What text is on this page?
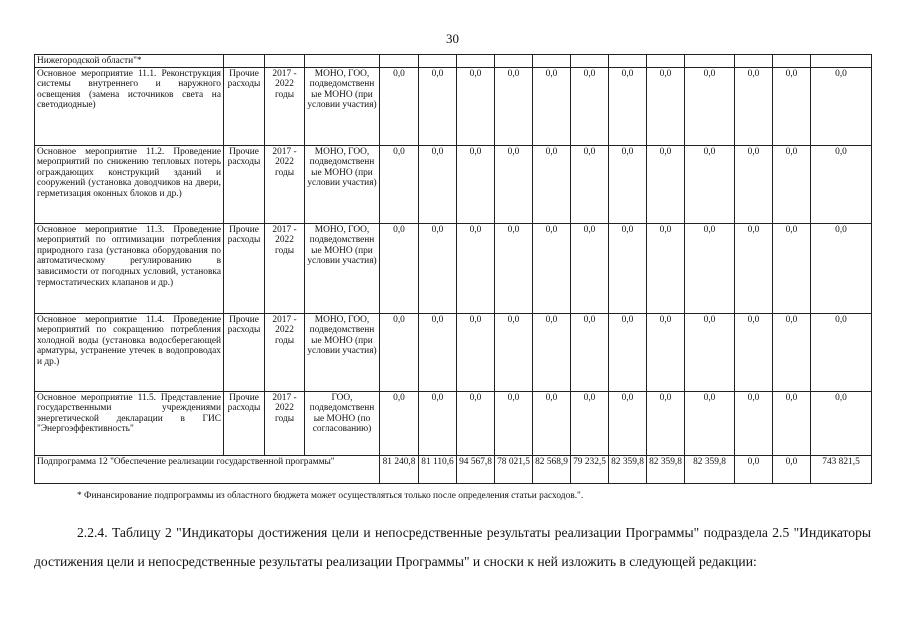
30
Нижегородской области"*															
Основное мероприятие 11.1. Реконструкция системы внутреннего и наружного освещения (замена источников света на светодиодные)	Прочие расходы	2017 - 2022 годы	МОНО, ГОО, подведомственные МОНО (при условии участия)	0,0	0,0	0,0	0,0	0,0	0,0	0,0	0,0	0,0	0,0	0,0	0,0
Основное мероприятие 11.2. Проведение мероприятий по снижению тепловых потерь ограждающих конструкций зданий и сооружений (установка доводчиков на двери, герметизация оконных блоков и др.)	Прочие расходы	2017 - 2022 годы	МОНО, ГОО, подведомственные МОНО (при условии участия)	0,0	0,0	0,0	0,0	0,0	0,0	0,0	0,0	0,0	0,0	0,0	0,0
Основное мероприятие 11.3. Проведение мероприятий по оптимизации потребления природного газа (установка оборудования по автоматическому регулированию в зависимости от погодных условий, установка термостатических клапанов и др.)	Прочие расходы	2017 - 2022 годы	МОНО, ГОО, подведомственные МОНО (при условии участия)	0,0	0,0	0,0	0,0	0,0	0,0	0,0	0,0	0,0	0,0	0,0	0,0
Основное мероприятие 11.4. Проведение мероприятий по сокращению потребления холодной воды (установка водосберегающей арматуры, устранение утечек в водопроводах и др.)	Прочие расходы	2017 - 2022 годы	МОНО, ГОО, подведомственные МОНО (при условии участия)	0,0	0,0	0,0	0,0	0,0	0,0	0,0	0,0	0,0	0,0	0,0	0,0
Основное мероприятие 11.5. Представление государственными учреждениями энергетической декларации в ГИС "Энергоэффективность"	Прочие расходы	2017 - 2022 годы	ГОО, подведомственные МОНО (по согласованию)	0,0	0,0	0,0	0,0	0,0	0,0	0,0	0,0	0,0	0,0	0,0	0,0
Подпрограмма 12 "Обеспечение реализации государственной программы"				81 240,8	81 110,6	94 567,8	78 021,5	82 568,9	79 232,5	82 359,8	82 359,8	82 359,8	0,0	0,0	743 821,5
* Финансирование подпрограммы из областного бюджета может осуществляться только после определения статьи расходов.".
2.2.4. Таблицу 2 "Индикаторы достижения цели и непосредственные результаты реализации Программы" подраздела 2.5 "Индикаторы достижения цели и непосредственные результаты реализации Программы" и сноски к ней изложить в следующей редакции:
